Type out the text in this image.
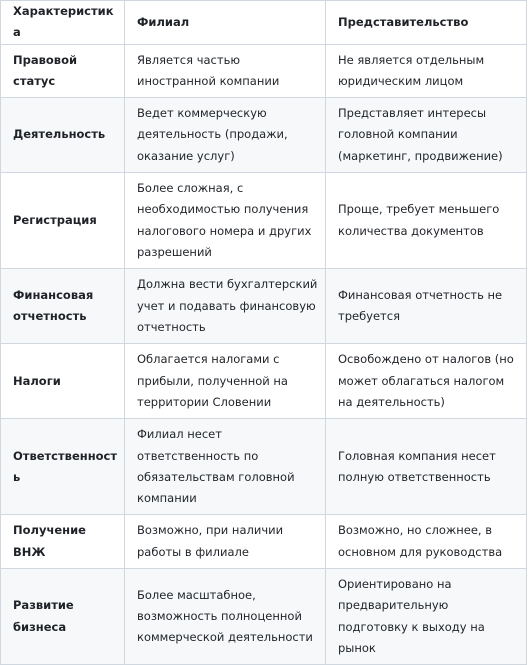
Характеристика	Филиал	Представительство

Правовой статус	Является частью иностранной компании	Не является отдельным юридическим лицом

Деятельность	Ведет коммерческую деятельность (продажи, оказание услуг)	Представляет интересы головной компании (маркетинг, продвижение)

Регистрация	Более сложная, с необходимостью получения налогового номера и других разрешений	Проще, требует меньшего количества документов

Финансовая отчетность	Должна вести бухгалтерский учет и подавать финансовую отчетность	Финансовая отчетность не требуется

Налоги	Облагается налогами с прибыли, полученной на территории Словении	Освобождено от налогов (но может облагаться налогом на деятельность)

Ответственность	Филиал несет ответственность по обязательствам головной компании	Головная компания несет полную ответственность

Получение ВНЖ	Возможно, при наличии работы в филиале	Возможно, но сложнее, в основном для руководства

Развитие бизнеса	Более масштабное, возможность полноценной коммерческой деятельности	Ориентировано на предварительную подготовку к выходу на рынок
